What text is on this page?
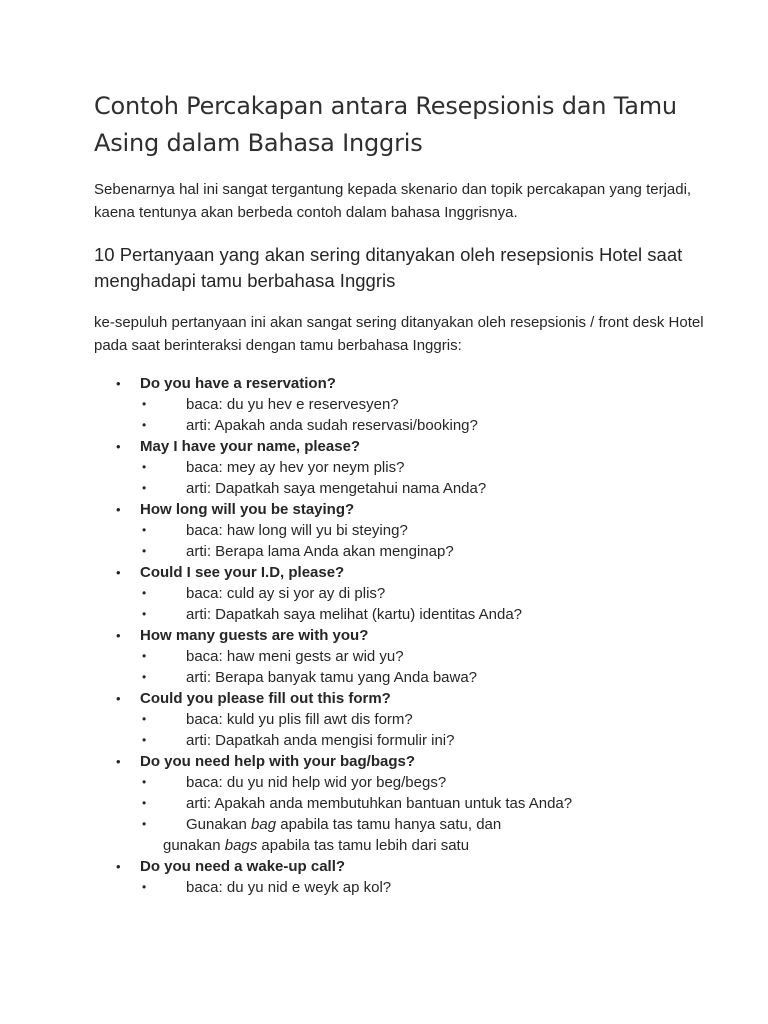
Contoh Percakapan antara Resepsionis dan Tamu Asing dalam Bahasa Inggris

Sebenarnya hal ini sangat tergantung kepada skenario dan topik percakapan yang terjadi, kaena tentunya akan berbeda contoh dalam bahasa Inggrisnya.

10 Pertanyaan yang akan sering ditanyakan oleh resepsionis Hotel saat menghadapi tamu berbahasa Inggris

ke-sepuluh pertanyaan ini akan sangat sering ditanyakan oleh resepsionis / front desk Hotel pada saat berinteraksi dengan tamu berbahasa Inggris:

• Do you have a reservation?
•	baca: du yu hev e reservesyen?
•	arti: Apakah anda sudah reservasi/booking?
• May I have your name, please?
•	baca: mey ay hev yor neym plis?
•	arti: Dapatkah saya mengetahui nama Anda?
• How long will you be staying?
•	baca: haw long will yu bi steying?
•	arti: Berapa lama Anda akan menginap?
• Could I see your I.D, please?
•	baca: culd ay si yor ay di plis?
•	arti: Dapatkah saya melihat (kartu) identitas Anda?
• How many guests are with you?
•	baca: haw meni gests ar wid yu?
•	arti: Berapa banyak tamu yang Anda bawa?
• Could you please fill out this form?
•	baca: kuld yu plis fill awt dis form?
•	arti: Dapatkah anda mengisi formulir ini?
• Do you need help with your bag/bags?
•	baca: du yu nid help wid yor beg/begs?
•	arti: Apakah anda membutuhkan bantuan untuk tas Anda?
•	Gunakan bag apabila tas tamu hanya satu, dan
gunakan bags apabila tas tamu lebih dari satu
• Do you need a wake-up call?
•	baca: du yu nid e weyk ap kol?
